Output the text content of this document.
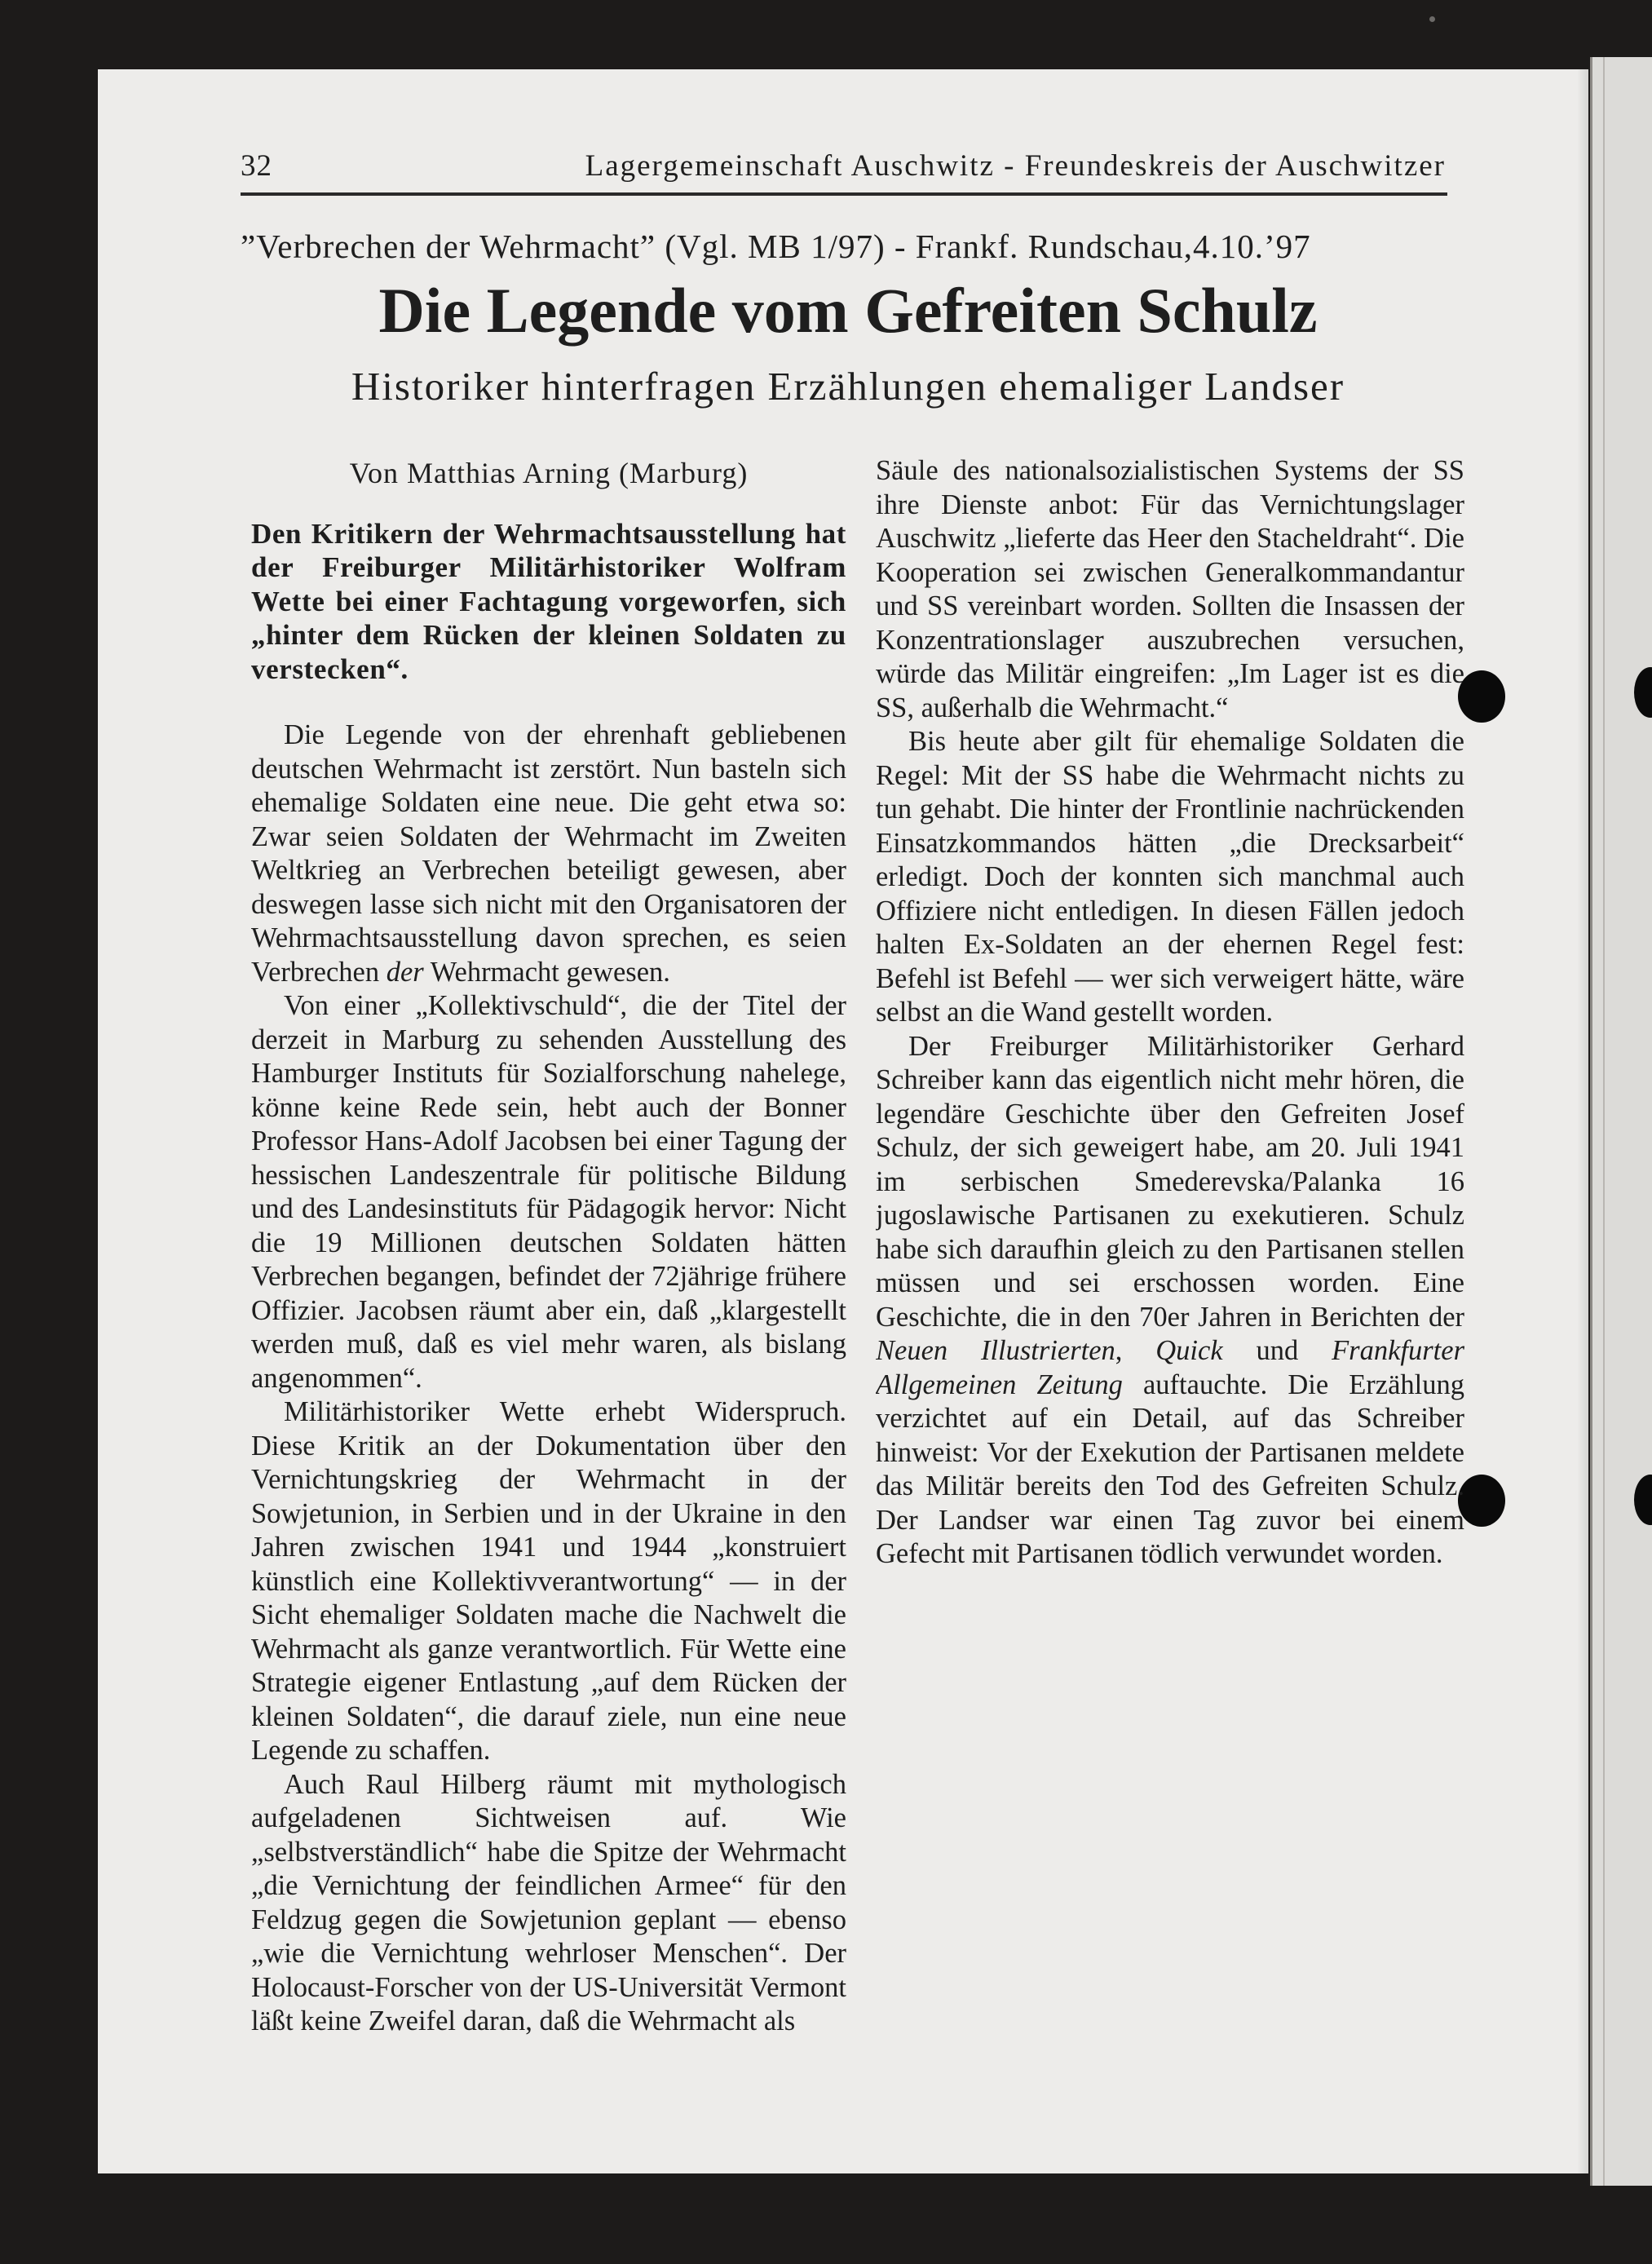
32	Lagergemeinschaft Auschwitz - Freundeskreis der Auschwitzer
”Verbrechen der Wehrmacht” (Vgl. MB 1/97) - Frankf. Rundschau,4.10.’97
Die Legende vom Gefreiten Schulz
Historiker hinterfragen Erzählungen ehemaliger Landser
Von Matthias Arning (Marburg)
Den Kritikern der Wehrmachtsausstellung hat der Freiburger Militärhistoriker Wolfram Wette bei einer Fachtagung vorgeworfen, sich „hinter dem Rücken der kleinen Soldaten zu verstecken“.

Die Legende von der ehrenhaft gebliebenen deutschen Wehrmacht ist zerstört. Nun basteln sich ehemalige Soldaten eine neue. Die geht etwa so: Zwar seien Soldaten der Wehrmacht im Zweiten Weltkrieg an Verbrechen beteiligt gewesen, aber deswegen lasse sich nicht mit den Organisatoren der Wehrmachtsausstellung davon sprechen, es seien Verbrechen der Wehrmacht gewesen.

Von einer „Kollektivschuld“, die der Titel der derzeit in Marburg zu sehenden Ausstellung des Hamburger Instituts für Sozialforschung nahelege, könne keine Rede sein, hebt auch der Bonner Professor Hans-Adolf Jacobsen bei einer Tagung der hessischen Landeszentrale für politische Bildung und des Landesinstituts für Pädagogik hervor: Nicht die 19 Millionen deutschen Soldaten hätten Verbrechen begangen, befindet der 72jährige frühere Offizier. Jacobsen räumt aber ein, daß „klargestellt werden muß, daß es viel mehr waren, als bislang angenommen“.

Militärhistoriker Wette erhebt Widerspruch. Diese Kritik an der Dokumentation über den Vernichtungskrieg der Wehrmacht in der Sowjetunion, in Serbien und in der Ukraine in den Jahren zwischen 1941 und 1944 „konstruiert künstlich eine Kollektivverantwortung“ — in der Sicht ehemaliger Soldaten mache die Nachwelt die Wehrmacht als ganze verantwortlich. Für Wette eine Strategie eigener Entlastung „auf dem Rücken der kleinen Soldaten“, die darauf ziele, nun eine neue Legende zu schaffen.

Auch Raul Hilberg räumt mit mythologisch aufgeladenen Sichtweisen auf. Wie „selbstverständlich“ habe die Spitze der Wehrmacht „die Vernichtung der feindlichen Armee“ für den Feldzug gegen die Sowjetunion geplant — ebenso „wie die Vernichtung wehrloser Menschen“. Der Holocaust-Forscher von der US-Universität Vermont läßt keine Zweifel daran, daß die Wehrmacht als

Säule des nationalsozialistischen Systems der SS ihre Dienste anbot: Für das Vernichtungslager Auschwitz „lieferte das Heer den Stacheldraht“. Die Kooperation sei zwischen Generalkommandantur und SS vereinbart worden. Sollten die Insassen der Konzentrationslager auszubrechen versuchen, würde das Militär eingreifen: „Im Lager ist es die SS, außerhalb die Wehrmacht.“

Bis heute aber gilt für ehemalige Soldaten die Regel: Mit der SS habe die Wehrmacht nichts zu tun gehabt. Die hinter der Frontlinie nachrückenden Einsatzkommandos hätten „die Drecksarbeit“ erledigt. Doch der konnten sich manchmal auch Offiziere nicht entledigen. In diesen Fällen jedoch halten Ex-Soldaten an der ehernen Regel fest: Befehl ist Befehl — wer sich verweigert hätte, wäre selbst an die Wand gestellt worden.

Der Freiburger Militärhistoriker Gerhard Schreiber kann das eigentlich nicht mehr hören, die legendäre Geschichte über den Gefreiten Josef Schulz, der sich geweigert habe, am 20. Juli 1941 im serbischen Smederevska/Palanka 16 jugoslawische Partisanen zu exekutieren. Schulz habe sich daraufhin gleich zu den Partisanen stellen müssen und sei erschossen worden. Eine Geschichte, die in den 70er Jahren in Berichten der Neuen Illustrierten, Quick und Frankfurter Allgemeinen Zeitung auftauchte. Die Erzählung verzichtet auf ein Detail, auf das Schreiber hinweist: Vor der Exekution der Partisanen meldete das Militär bereits den Tod des Gefreiten Schulz. Der Landser war einen Tag zuvor bei einem Gefecht mit Partisanen tödlich verwundet worden.
